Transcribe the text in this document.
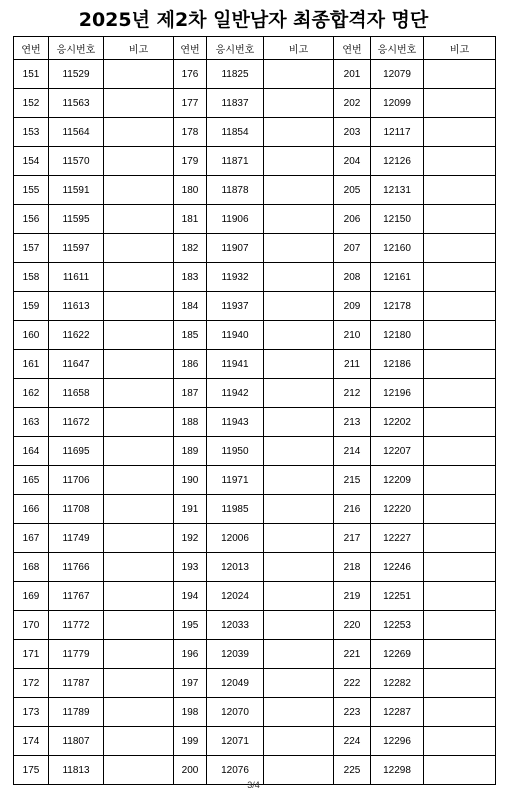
2025년 제2차 일반남자 최종합격자 명단
연번	응시번호	비고	연번	응시번호	비고	연번	응시번호	비고
151	11529		176	11825		201	12079	
152	11563		177	11837		202	12099	
153	11564		178	11854		203	12117	
154	11570		179	11871		204	12126	
155	11591		180	11878		205	12131	
156	11595		181	11906		206	12150	
157	11597		182	11907		207	12160	
158	11611		183	11932		208	12161	
159	11613		184	11937		209	12178	
160	11622		185	11940		210	12180	
161	11647		186	11941		211	12186	
162	11658		187	11942		212	12196	
163	11672		188	11943		213	12202	
164	11695		189	11950		214	12207	
165	11706		190	11971		215	12209	
166	11708		191	11985		216	12220	
167	11749		192	12006		217	12227	
168	11766		193	12013		218	12246	
169	11767		194	12024		219	12251	
170	11772		195	12033		220	12253	
171	11779		196	12039		221	12269	
172	11787		197	12049		222	12282	
173	11789		198	12070		223	12287	
174	11807		199	12071		224	12296	
175	11813		200	12076		225	12298	
3/4
